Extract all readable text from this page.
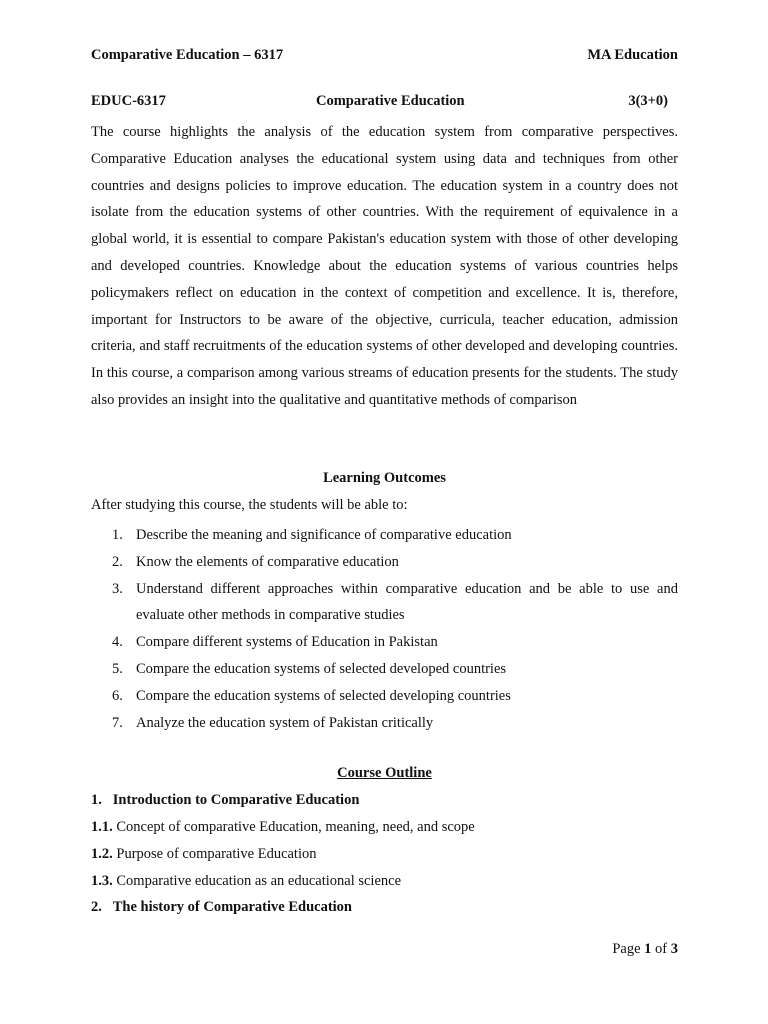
Comparative Education – 6317	MA Education
EDUC-6317	Comparative Education	3(3+0)

The course highlights the analysis of the education system from comparative perspectives. Comparative Education analyses the educational system using data and techniques from other countries and designs policies to improve education. The education system in a country does not isolate from the education systems of other countries. With the requirement of equivalence in a global world, it is essential to compare Pakistan's education system with those of other developing and developed countries. Knowledge about the education systems of various countries helps policymakers reflect on education in the context of competition and excellence. It is, therefore, important for Instructors to be aware of the objective, curricula, teacher education, admission criteria, and staff recruitments of the education systems of other developed and developing countries. In this course, a comparison among various streams of education presents for the students. The study also provides an insight into the qualitative and quantitative methods of comparison

Learning Outcomes
After studying this course, the students will be able to:
1. Describe the meaning and significance of comparative education
2. Know the elements of comparative education
3. Understand different approaches within comparative education and be able to use and evaluate other methods in comparative studies
4. Compare different systems of Education in Pakistan
5. Compare the education systems of selected developed countries
6. Compare the education systems of selected developing countries
7. Analyze the education system of Pakistan critically
Course Outline
1. Introduction to Comparative Education
1.1. Concept of comparative Education, meaning, need, and scope
1.2. Purpose of comparative Education
1.3. Comparative education as an educational science
2. The history of Comparative Education
Page 1 of 3
